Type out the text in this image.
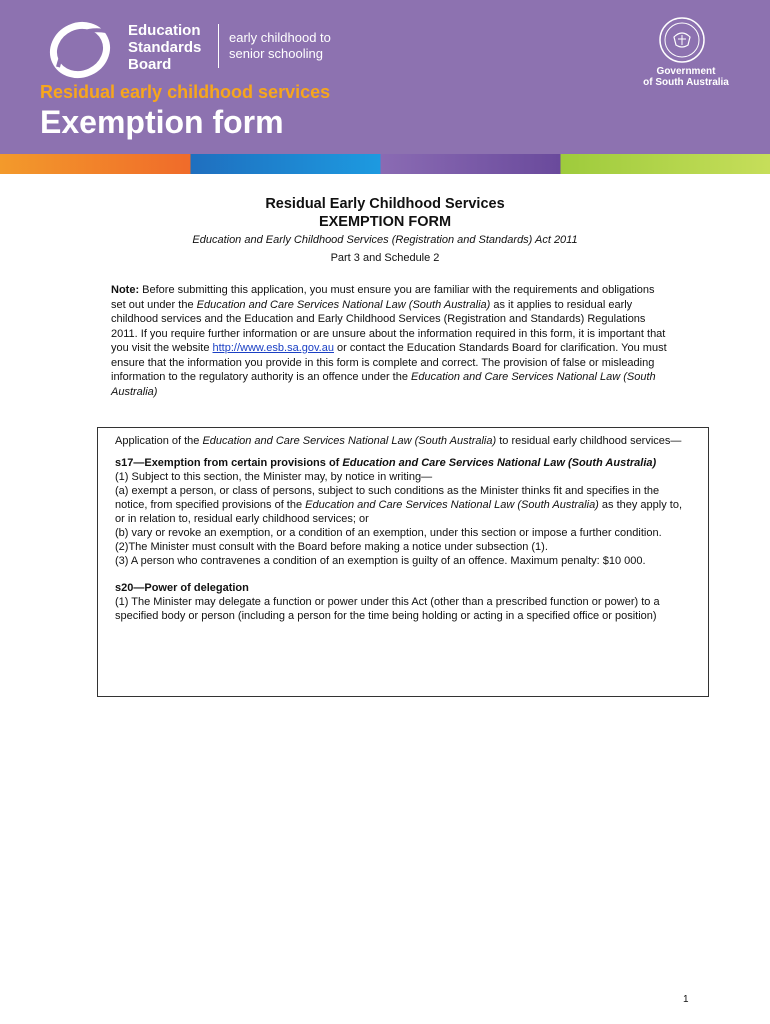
Education
Standards
Board
early childhood to
senior schooling
Government
of South Australia
Residual early childhood services
Exemption form
Residual Early Childhood Services
EXEMPTION FORM
Education and Early Childhood Services (Registration and Standards) Act 2011
Part 3 and Schedule 2
Note: Before submitting this application, you must ensure you are familiar with the requirements and obligations set out under the Education and Care Services National Law (South Australia) as it applies to residual early childhood services and the Education and Early Childhood Services (Registration and Standards) Regulations 2011. If you require further information or are unsure about the information required in this form, it is important that you visit the website http://www.esb.sa.gov.au or contact the Education Standards Board for clarification. You must ensure that the information you provide in this form is complete and correct. The provision of false or misleading information to the regulatory authority is an offence under the Education and Care Services National Law (South Australia)

Application of the Education and Care Services National Law (South Australia) to residual early childhood services—

s17—Exemption from certain provisions of Education and Care Services National Law (South Australia)

(1) Subject to this section, the Minister may, by notice in writing—

(a) exempt a person, or class of persons, subject to such conditions as the Minister thinks fit and specifies in the notice, from specified provisions of the Education and Care Services National Law (South Australia) as they apply to, or in relation to, residual early childhood services; or

(b) vary or revoke an exemption, or a condition of an exemption, under this section or impose a further condition. (2)The Minister must consult with the Board before making a notice under subsection (1).

(3) A person who contravenes a condition of an exemption is guilty of an offence. Maximum penalty: $10 000.

s20—Power of delegation

(1) The Minister may delegate a function or power under this Act (other than a prescribed function or power) to a specified body or person (including a person for the time being holding or acting in a specified office or position)

1
